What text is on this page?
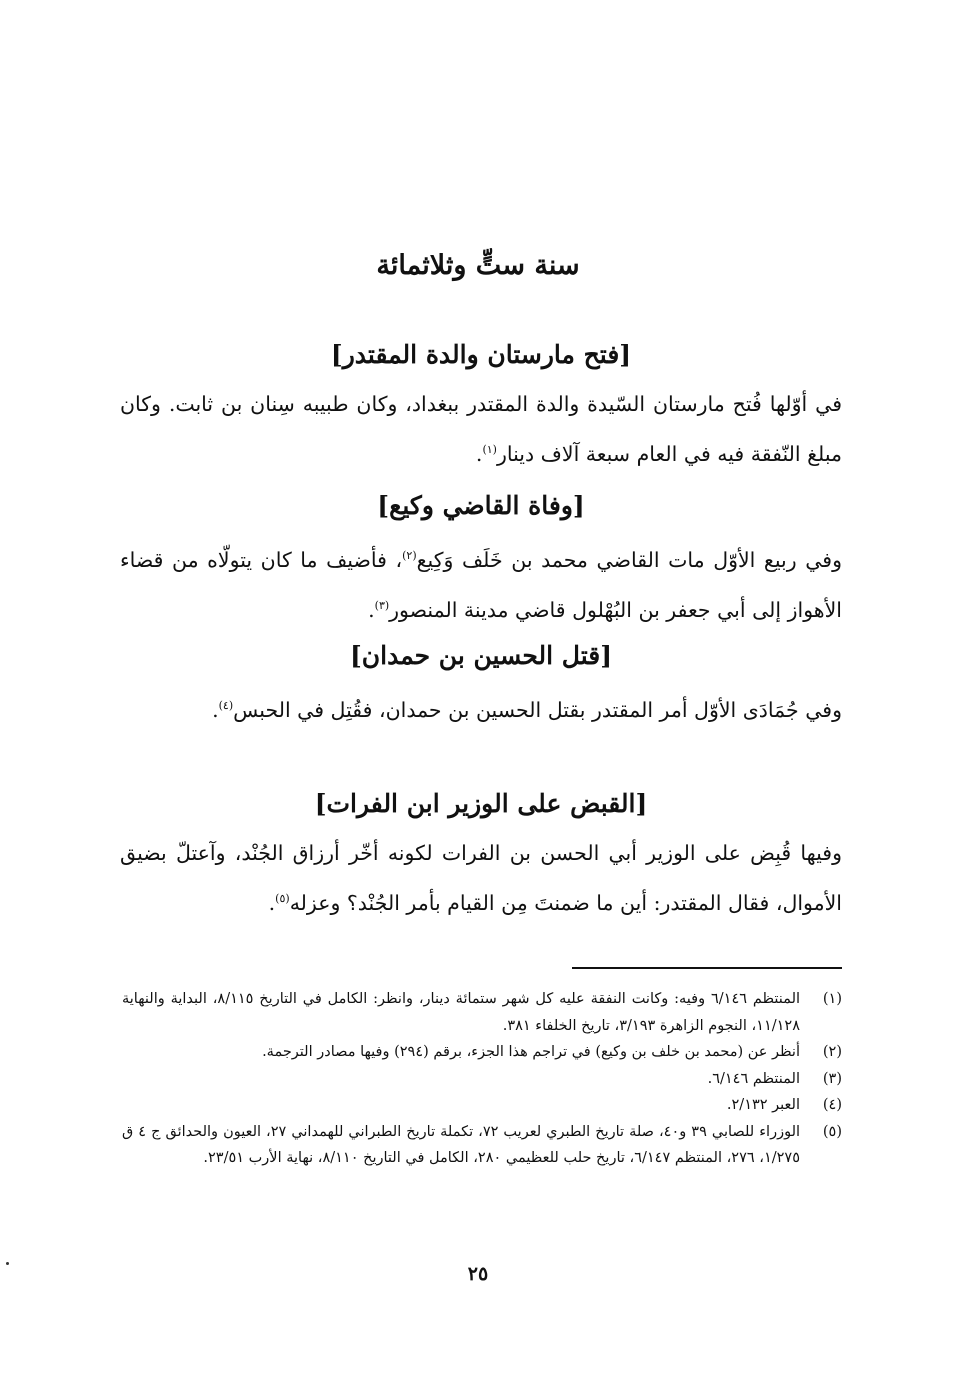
سنة ستٍّ وثلاثمائة
[فتح مارستان والدة المقتدر]
في أوّلها فُتح مارستان السّيدة والدة المقتدر ببغداد، وكان طبيبه سِنان بن ثابت. وكان مبلغ النّفقة فيه في العام سبعة آلاف دينار$^{(١)}$.
[وفاة القاضي وكيع]
وفي ربيع الأوّل مات القاضي محمد بن خَلَف وَكِيع$^{(٢)}$، فأضيف ما كان يتولّاه من قضاء الأهواز إلى أبي جعفر بن البُهْلول قاضي مدينة المنصور$^{(٣)}$.
[قتل الحسين بن حمدان]
وفي جُمَادَى الأوّل أمر المقتدر بقتل الحسين بن حمدان، فقُتِل في الحبس$^{(٤)}$.
[القبض على الوزير ابن الفرات]
وفيها قُبِض على الوزير أبي الحسن بن الفرات لكونه أخّر أرزاق الجُنْد، وآعتلّ بضيق الأموال، فقال المقتدر: أين ما ضمنتَ مِن القيام بأمر الجُنْد؟ وعزله$^{(٥)}$.
(١)
المنتظم ٦/١٤٦ وفيه: وكانت النفقة عليه كل شهر ستمائة دينار، وانظر: الكامل في التاريخ ٨/١١٥، البداية والنهاية ١١/١٢٨، النجوم الزاهرة ٣/١٩٣، تاريخ الخلفاء ٣٨١.
(٢)
أنظر عن (محمد بن خلف بن وكيع) في تراجم هذا الجزء، برقم (٢٩٤) وفيها مصادر الترجمة.
(٣)
المنتظم ٦/١٤٦.
(٤)
العبر ٢/١٣٢.
(٥)
الوزراء للصابي ٣٩ و٤٠، صلة تاريخ الطبري لعريب ٧٢، تكملة تاريخ الطبراني للهمداني ٢٧، العيون والحدائق ج ٤ ق ١/٢٧٥، ٢٧٦، المنتظم ٦/١٤٧، تاريخ حلب للعظيمي ٢٨٠، الكامل في التاريخ ٨/١١٠، نهاية الأرب ٢٣/٥١.
٢٥
